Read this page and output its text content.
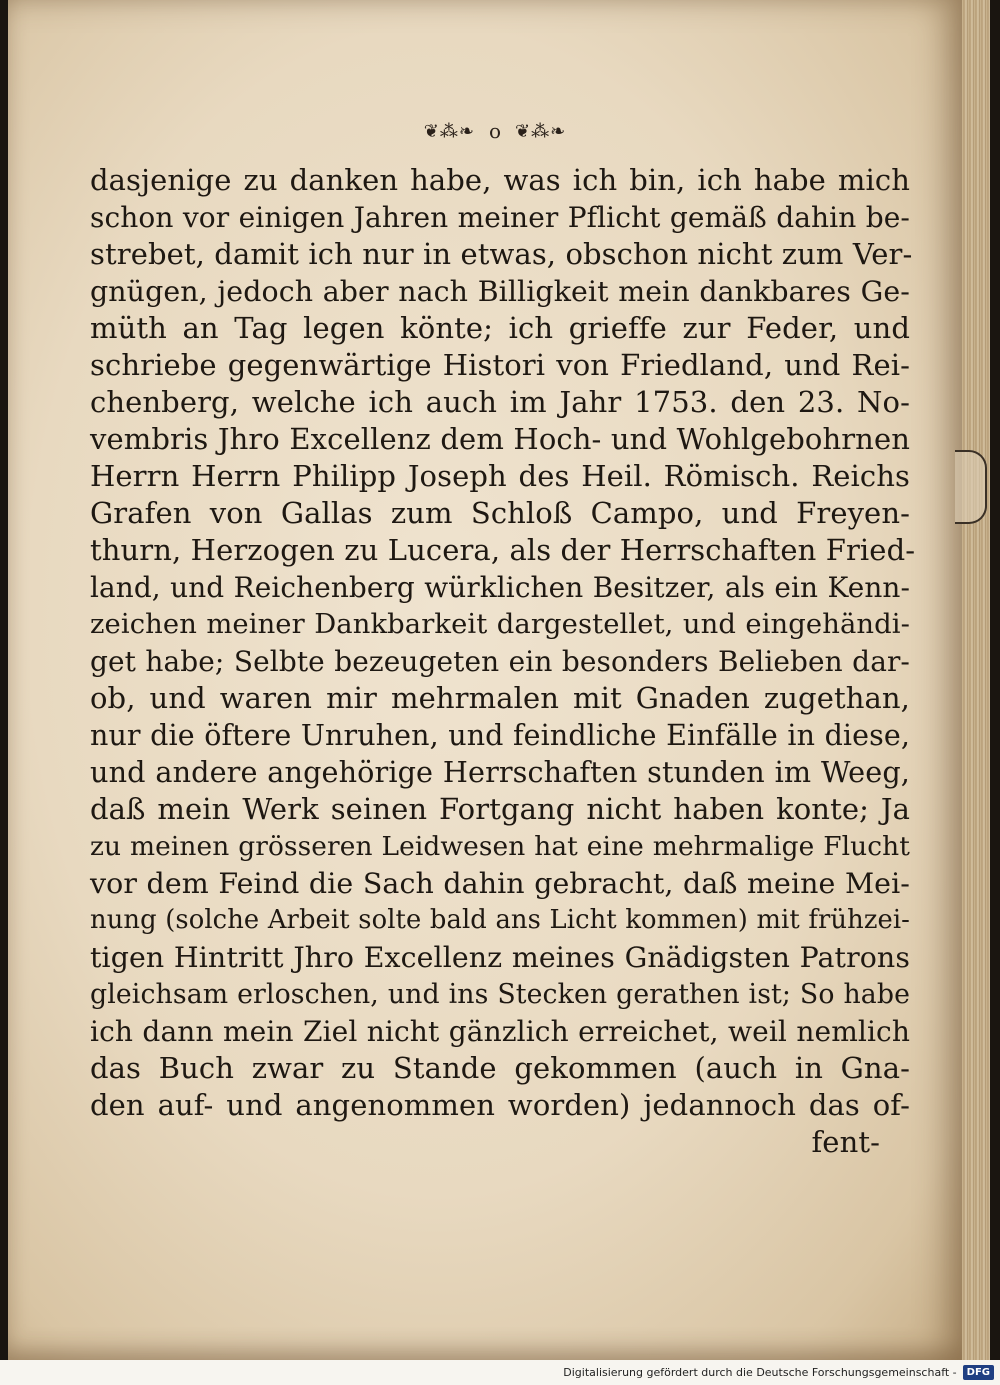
❦⁂❧ o ❦⁂❧
dasjenige zu danken habe, was ich bin, ich habe mich
schon vor einigen Jahren meiner Pflicht gemäß dahin be-
strebet, damit ich nur in etwas, obschon nicht zum Ver-
gnügen, jedoch aber nach Billigkeit mein dankbares Ge-
müth an Tag legen könte; ich grieffe zur Feder, und
schriebe gegenwärtige Histori von Friedland, und Rei-
chenberg, welche ich auch im Jahr 1753. den 23. No-
vembris Jhro Excellenz dem Hoch- und Wohlgebohrnen
Herrn Herrn Philipp Joseph des Heil. Römisch. Reichs
Grafen von Gallas zum Schloß Campo, und Freyen-
thurn, Herzogen zu Lucera, als der Herrschaften Fried-
land, und Reichenberg würklichen Besitzer, als ein Kenn-
zeichen meiner Dankbarkeit dargestellet, und eingehändi-
get habe; Selbte bezeugeten ein besonders Belieben dar-
ob, und waren mir mehrmalen mit Gnaden zugethan,
nur die öftere Unruhen, und feindliche Einfälle in diese,
und andere angehörige Herrschaften stunden im Weeg,
daß mein Werk seinen Fortgang nicht haben konte; Ja
zu meinen grösseren Leidwesen hat eine mehrmalige Flucht
vor dem Feind die Sach dahin gebracht, daß meine Mei-
nung (solche Arbeit solte bald ans Licht kommen) mit frühzei-
tigen Hintritt Jhro Excellenz meines Gnädigsten Patrons
gleichsam erloschen, und ins Stecken gerathen ist; So habe
ich dann mein Ziel nicht gänzlich erreichet, weil nemlich
das Buch zwar zu Stande gekommen (auch in Gna-
den auf- und angenommen worden) jedannoch das of-
fent-
Digitalisierung gefördert durch die Deutsche Forschungsgemeinschaft -	DFG
